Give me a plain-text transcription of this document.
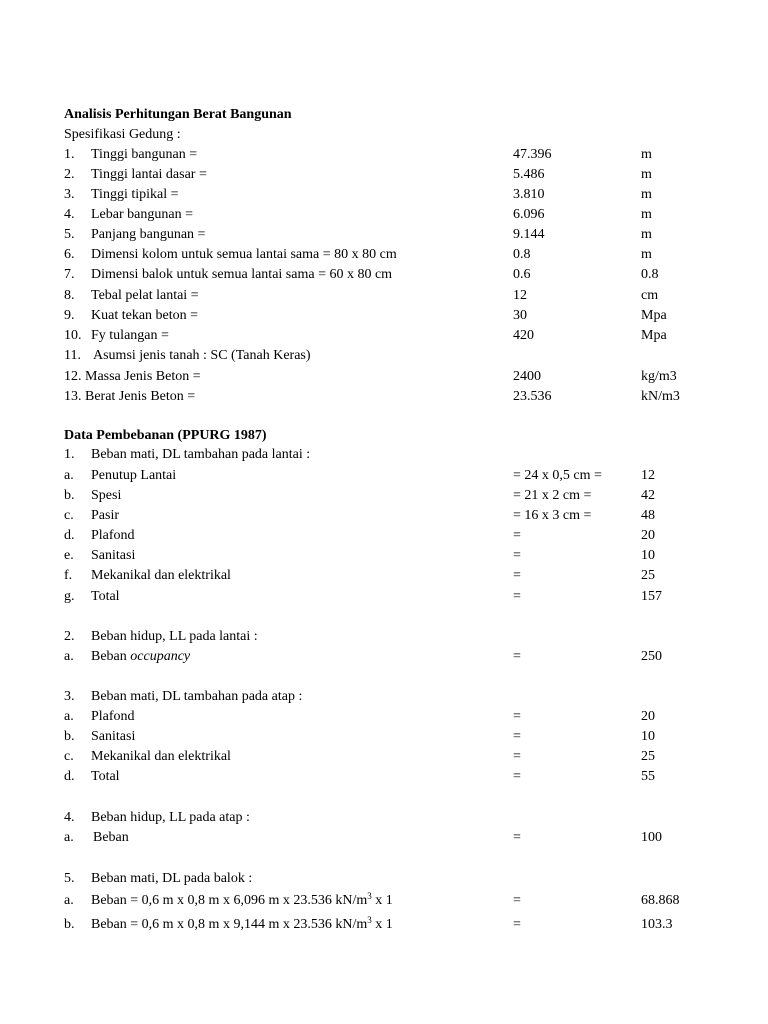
Analisis Perhitungan Berat Bangunan
Spesifikasi Gedung :
1. Tinggi bangunan =	47.396	m
2. Tinggi lantai dasar =	5.486	m
3. Tinggi tipikal =	3.810	m
4. Lebar bangunan =	6.096	m
5. Panjang bangunan =	9.144	m
6. Dimensi kolom untuk semua lantai sama = 80 x 80 cm	0.8	m
7. Dimensi balok untuk semua lantai sama = 60 x 80 cm	0.6	0.8
8. Tebal pelat lantai =	12	cm
9. Kuat tekan beton =	30	Mpa
10. Fy tulangan =	420	Mpa
11. Asumsi jenis tanah : SC (Tanah Keras)
12. Massa Jenis Beton =	2400	kg/m3
13. Berat Jenis Beton =	23.536	kN/m3
Data Pembebanan (PPURG 1987)
1. Beban mati, DL tambahan pada lantai :
a. Penutup Lantai	= 24 x 0,5 cm =	12
b. Spesi	= 21 x 2 cm =	42
c. Pasir	= 16 x 3 cm =	48
d. Plafond	=	20
e. Sanitasi	=	10
f. Mekanikal dan elektrikal	=	25
g. Total	=	157
2. Beban hidup, LL pada lantai :
a. Beban occupancy	=	250
3. Beban mati, DL tambahan pada atap :
a. Plafond	=	20
b. Sanitasi	=	10
c. Mekanikal dan elektrikal	=	25
d. Total	=	55
4. Beban hidup, LL pada atap :
a. Beban	=	100
5. Beban mati, DL pada balok :
a. Beban = 0,6 m x 0,8 m x 6,096 m x 23.536 $kN/m^3$ x 1	=	68.868
b. Beban = 0,6 m x 0,8 m x 9,144 m x 23.536 $kN/m^3$ x 1	=	103.3
